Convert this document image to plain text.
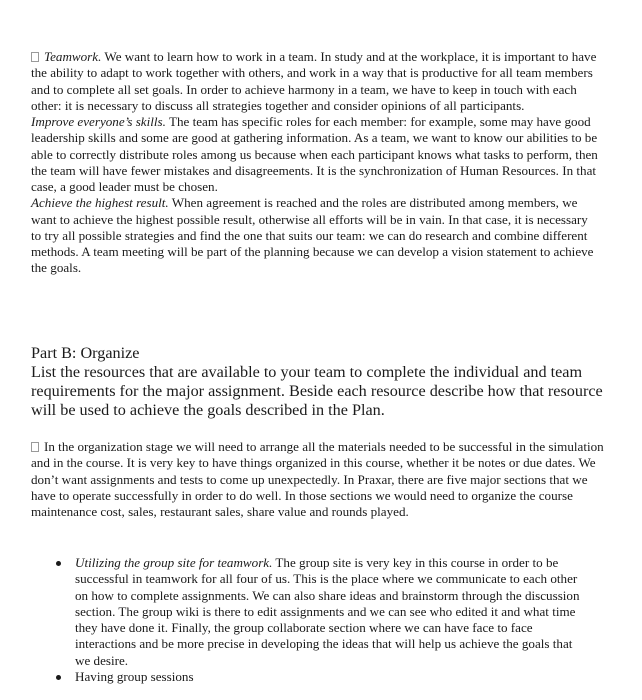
Teamwork. We want to learn how to work in a team. In study and at the workplace, it is important to have the ability to adapt to work together with others, and work in a way that is productive for all team members and to complete all set goals. In order to achieve harmony in a team, we have to keep in touch with each other: it is necessary to discuss all strategies together and consider opinions of all participants.

Improve everyone’s skills. The team has specific roles for each member: for example, some may have good leadership skills and some are good at gathering information. As a team, we want to know our abilities to be able to correctly distribute roles among us because when each participant knows what tasks to perform, then the team will have fewer mistakes and disagreements. It is the synchronization of Human Resources. In that case, a good leader must be chosen.

Achieve the highest result. When agreement is reached and the roles are distributed among members, we want to achieve the highest possible result, otherwise all efforts will be in vain. In that case, it is necessary to try all possible strategies and find the one that suits our team: we can do research and combine different methods. A team meeting will be part of the planning because we can develop a vision statement to achieve the goals.

Part B: Organize

List the resources that are available to your team to complete the individual and team requirements for the major assignment. Beside each resource describe how that resource will be used to achieve the goals described in the Plan.

In the organization stage we will need to arrange all the materials needed to be successful in the simulation and in the course. It is very key to have things organized in this course, whether it be notes or due dates. We don’t want assignments and tests to come up unexpectedly. In Praxar, there are five major sections that we have to operate successfully in order to do well. In those sections we would need to organize the course maintenance cost, sales, restaurant sales, share value and rounds played.

Utilizing the group site for teamwork. The group site is very key in this course in order to be successful in teamwork for all four of us. This is the place where we communicate to each other on how to complete assignments. We can also share ideas and brainstorm through the discussion section. The group wiki is there to edit assignments and we can see who edited it and what time they have done it. Finally, the group collaborate section where we can have face to face interactions and be more precise in developing the ideas that will help us achieve the goals that we desire.
Having group sessions
